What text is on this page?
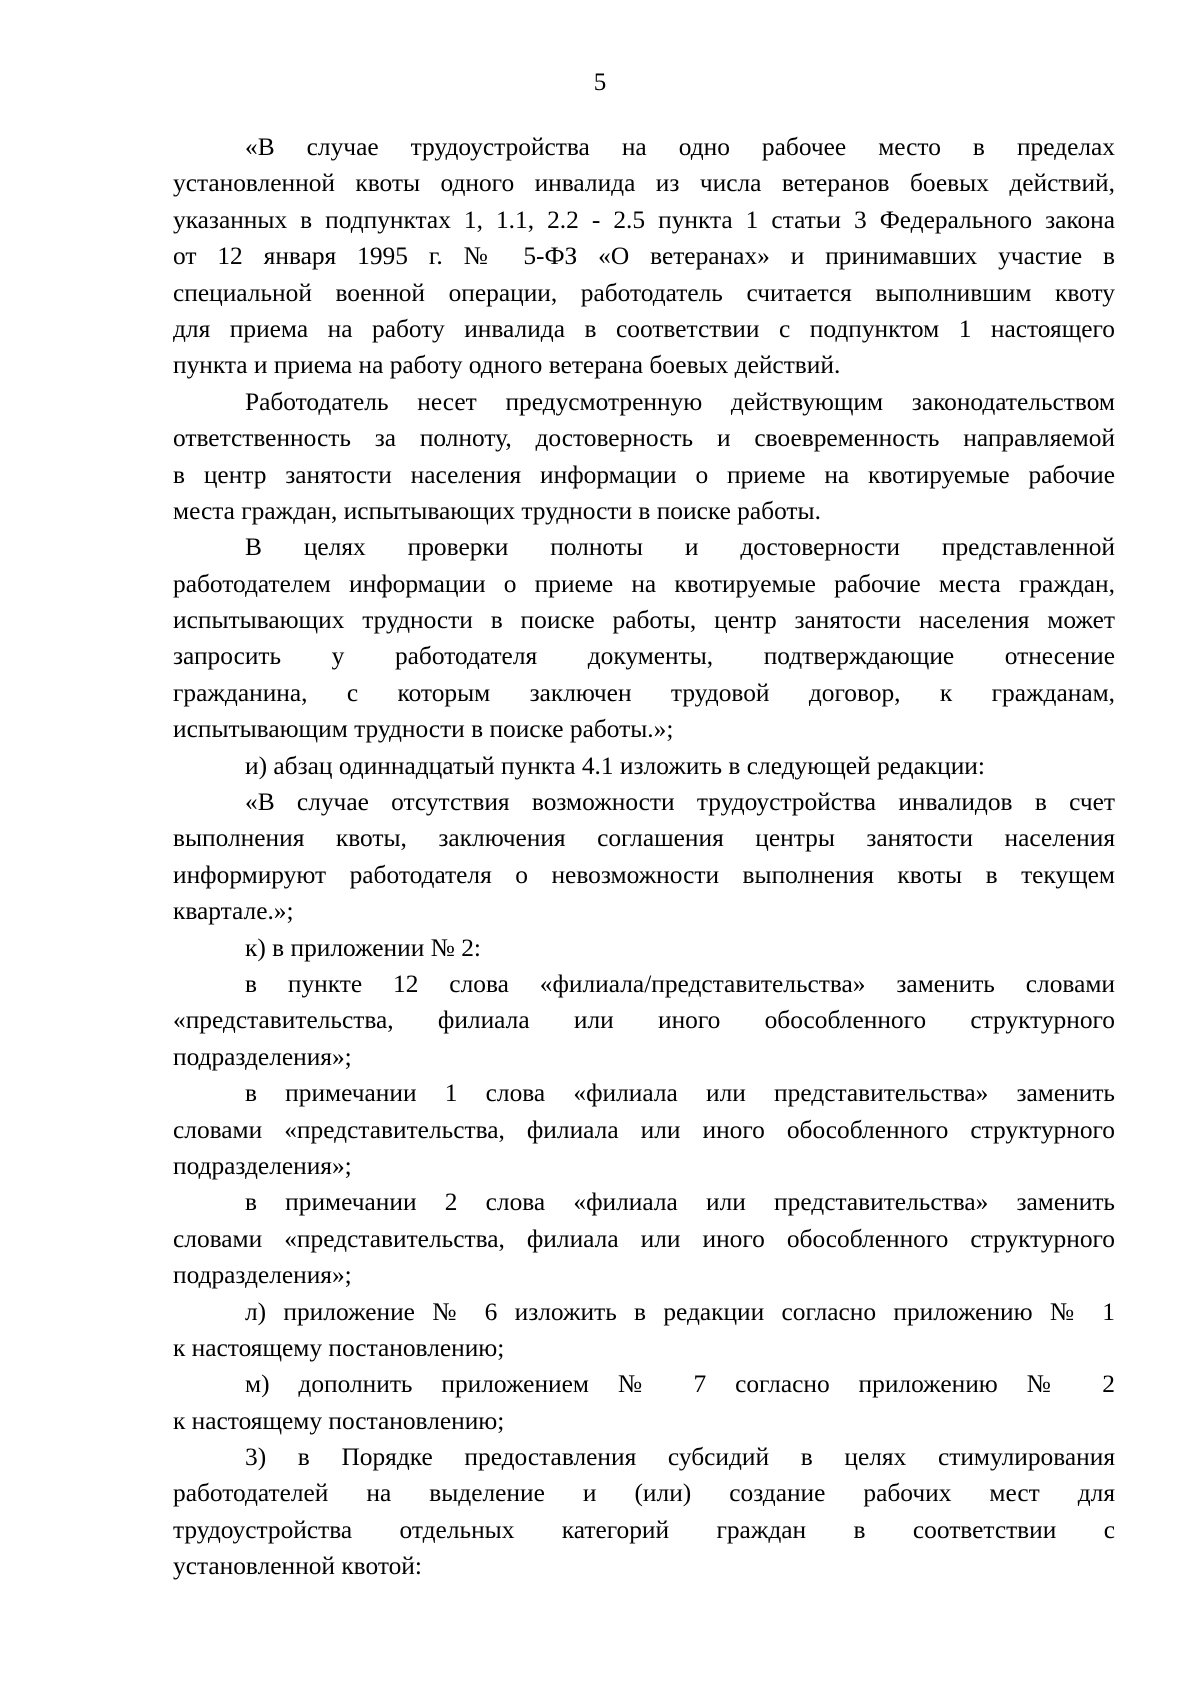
5

«В случае трудоустройства на одно рабочее место в пределах
установленной квоты одного инвалида из числа ветеранов боевых действий,
указанных в подпунктах 1, 1.1, 2.2 - 2.5 пункта 1 статьи 3 Федерального закона
от 12 января 1995 г. № 5-ФЗ «О ветеранах» и принимавших участие в
специальной военной операции, работодатель считается выполнившим квоту
для приема на работу инвалида в соответствии с подпунктом 1 настоящего
пункта и приема на работу одного ветерана боевых действий.

Работодатель несет предусмотренную действующим законодательством
ответственность за полноту, достоверность и своевременность направляемой
в центр занятости населения информации о приеме на квотируемые рабочие
места граждан, испытывающих трудности в поиске работы.

В целях проверки полноты и достоверности представленной
работодателем информации о приеме на квотируемые рабочие места граждан,
испытывающих трудности в поиске работы, центр занятости населения может
запросить у работодателя документы, подтверждающие отнесение
гражданина, с которым заключен трудовой договор, к гражданам,
испытывающим трудности в поиске работы.»;

и) абзац одиннадцатый пункта 4.1 изложить в следующей редакции:

«В случае отсутствия возможности трудоустройства инвалидов в счет
выполнения квоты, заключения соглашения центры занятости населения
информируют работодателя о невозможности выполнения квоты в текущем
квартале.»;

к) в приложении № 2:

в пункте 12 слова «филиала/представительства» заменить словами
«представительства, филиала или иного обособленного структурного
подразделения»;

в примечании 1 слова «филиала или представительства» заменить
словами «представительства, филиала или иного обособленного структурного
подразделения»;

в примечании 2 слова «филиала или представительства» заменить
словами «представительства, филиала или иного обособленного структурного
подразделения»;

л) приложение № 6 изложить в редакции согласно приложению № 1
к настоящему постановлению;

м) дополнить приложением № 7 согласно приложению № 2
к настоящему постановлению;

3) в Порядке предоставления субсидий в целях стимулирования
работодателей на выделение и (или) создание рабочих мест для
трудоустройства отдельных категорий граждан в соответствии с
установленной квотой:
